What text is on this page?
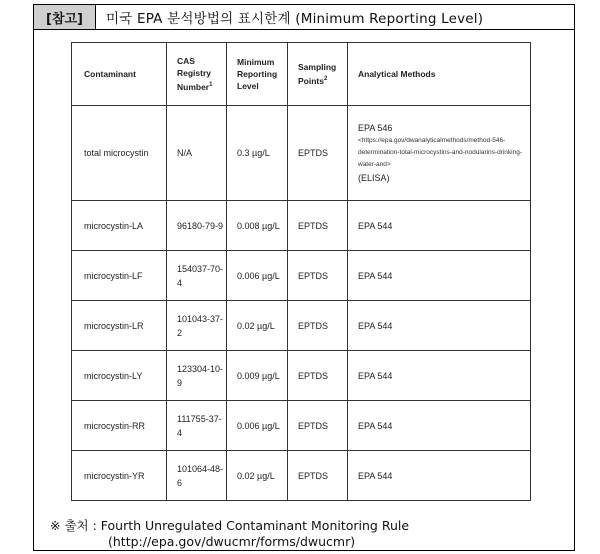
[참고]	미국 EPA 분석방법의 표시한계 (Minimum Reporting Level)
Contaminant	CAS Registry Number$^1$	Minimum Reporting Level	Sampling Points$^2$	Analytical Methods
total microcystin	N/A	0.3 µg/L	EPTDS	EPA 546
<https://epa.gov/dwanalyticalmethods/method-546-determination-total-microcystins-and-nodularins-drinking-water-and>
(ELISA)
microcystin-LA	96180-79-9	0.008 µg/L	EPTDS	EPA 544
microcystin-LF	154037-70-4	0.006 µg/L	EPTDS	EPA 544
microcystin-LR	101043-37-2	0.02 µg/L	EPTDS	EPA 544
microcystin-LY	123304-10-9	0.009 µg/L	EPTDS	EPA 544
microcystin-RR	111755-37-4	0.006 µg/L	EPTDS	EPA 544
microcystin-YR	101064-48-6	0.02 µg/L	EPTDS	EPA 544
※ 출처 : Fourth Unregulated Contaminant Monitoring Rule
(http://epa.gov/dwucmr/forms/dwucmr)
